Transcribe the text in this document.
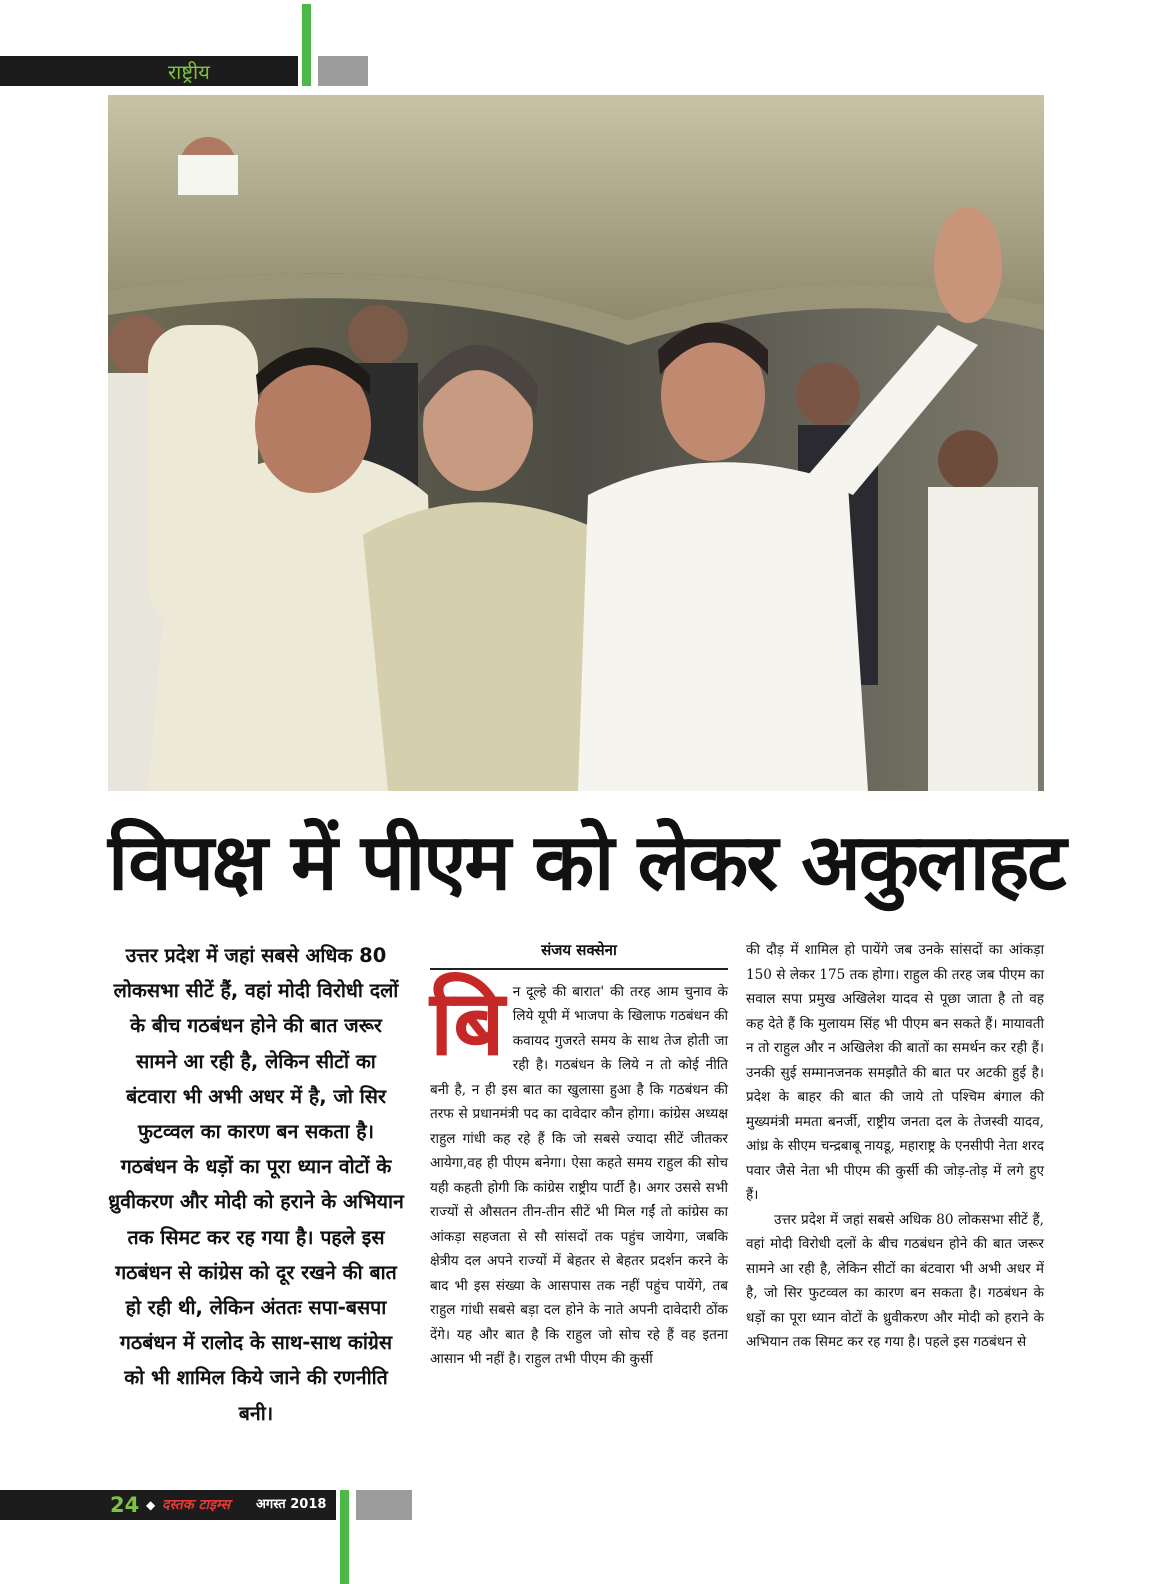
राष्ट्रीय
विपक्ष में पीएम को लेकर अकुलाहट

उत्तर प्रदेश में जहां सबसे अधिक 80 लोकसभा सीटें हैं, वहां मोदी विरोधी दलों के बीच गठबंधन होने की बात जरूर सामने आ रही है, लेकिन सीटों का बंटवारा भी अभी अधर में है, जो सिर फुटव्वल का कारण बन सकता है। गठबंधन के धड़ों का पूरा ध्यान वोटों के ध्रुवीकरण और मोदी को हराने के अभियान तक सिमट कर रह गया है। पहले इस गठबंधन से कांग्रेस को दूर रखने की बात हो रही थी, लेकिन अंततः सपा-बसपा गठबंधन में रालोद के साथ-साथ कांग्रेस को भी शामिल किये जाने की रणनीति बनी।

संजय सक्सेना
बि न दूल्हे की बारात' की तरह आम चुनाव के लिये यूपी में भाजपा के खिलाफ गठबंधन की कवायद गुजरते समय के साथ तेज होती जा रही है। गठबंधन के लिये न तो कोई नीति बनी है, न ही इस बात का खुलासा हुआ है कि गठबंधन की तरफ से प्रधानमंत्री पद का दावेदार कौन होगा। कांग्रेस अध्यक्ष राहुल गांधी कह रहे हैं कि जो सबसे ज्यादा सीटें जीतकर आयेगा,वह ही पीएम बनेगा। ऐसा कहते समय राहुल की सोच यही कहती होगी कि कांग्रेस राष्ट्रीय पार्टी है। अगर उससे सभी राज्यों से औसतन तीन-तीन सीटें भी मिल गईं तो कांग्रेस का आंकड़ा सहजता से सौ सांसदों तक पहुंच जायेगा, जबकि क्षेत्रीय दल अपने राज्यों में बेहतर से बेहतर प्रदर्शन करने के बाद भी इस संख्या के आसपास तक नहीं पहुंच पायेंगे, तब राहुल गांधी सबसे बड़ा दल होने के नाते अपनी दावेदारी ठोंक देंगे। यह और बात है कि राहुल जो सोच रहे हैं वह इतना आसान भी नहीं है। राहुल तभी पीएम की कुर्सी

की दौड़ में शामिल हो पायेंगे जब उनके सांसदों का आंकड़ा 150 से लेकर 175 तक होगा। राहुल की तरह जब पीएम का सवाल सपा प्रमुख अखिलेश यादव से पूछा जाता है तो वह कह देते हैं कि मुलायम सिंह भी पीएम बन सकते हैं। मायावती न तो राहुल और न अखिलेश की बातों का समर्थन कर रही हैं। उनकी सुई सम्मानजनक समझौते की बात पर अटकी हुई है। प्रदेश के बाहर की बात की जाये तो पश्चिम बंगाल की मुख्यमंत्री ममता बनर्जी, राष्ट्रीय जनता दल के तेजस्वी यादव, आंध्र के सीएम चन्द्रबाबू नायडू, महाराष्ट्र के एनसीपी नेता शरद पवार जैसे नेता भी पीएम की कुर्सी की जोड़-तोड़ में लगे हुए हैं।

उत्तर प्रदेश में जहां सबसे अधिक 80 लोकसभा सीटें हैं, वहां मोदी विरोधी दलों के बीच गठबंधन होने की बात जरूर सामने आ रही है, लेकिन सीटों का बंटवारा भी अभी अधर में है, जो सिर फुटव्वल का कारण बन सकता है। गठबंधन के धड़ों का पूरा ध्यान वोटों के ध्रुवीकरण और मोदी को हराने के अभियान तक सिमट कर रह गया है। पहले इस गठबंधन से

24 ◆ दस्तक टाइम्स अगस्त 2018
